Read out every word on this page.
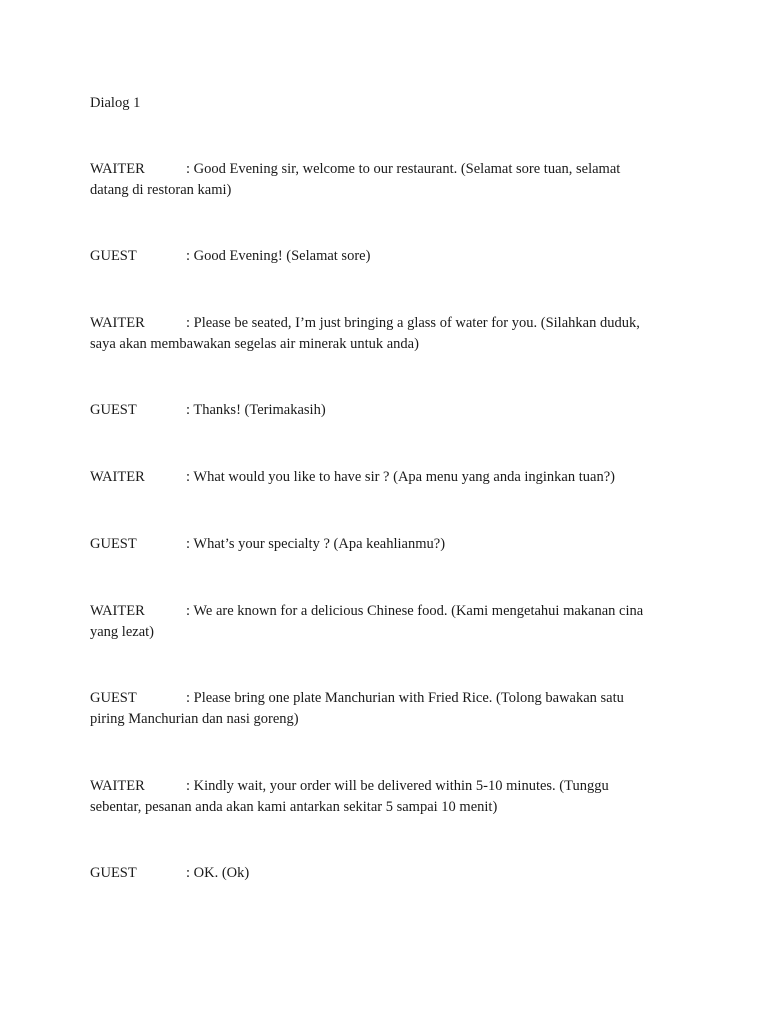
Dialog 1
WAITER	: Good Evening sir, welcome to our restaurant. (Selamat sore tuan, selamat
datang di restoran kami)
GUEST	: Good Evening! (Selamat sore)
WAITER	: Please be seated, I’m just bringing a glass of water for you. (Silahkan duduk,
saya akan membawakan segelas air minerak untuk anda)
GUEST	: Thanks! (Terimakasih)
WAITER	: What would you like to have sir ? (Apa menu yang anda inginkan tuan?)
GUEST	: What’s your specialty ? (Apa keahlianmu?)
WAITER	: We are known for a delicious Chinese food. (Kami mengetahui makanan cina
yang lezat)
GUEST	: Please bring one plate Manchurian with Fried Rice. (Tolong bawakan satu
piring Manchurian dan nasi goreng)
WAITER	: Kindly wait, your order will be delivered within 5-10 minutes. (Tunggu
sebentar, pesanan anda akan kami antarkan sekitar 5 sampai 10 menit)
GUEST	: OK. (Ok)
